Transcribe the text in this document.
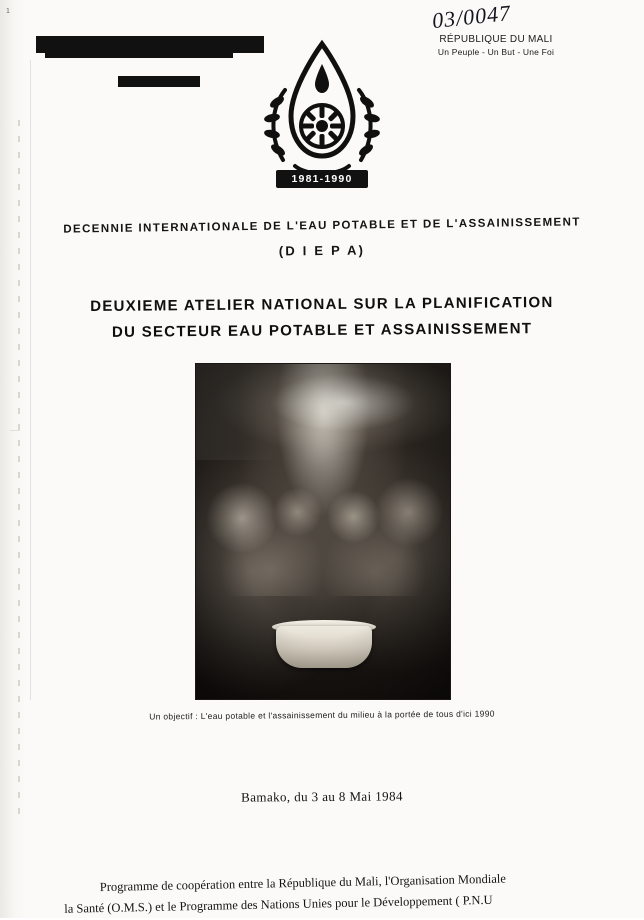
1	03/0047
RÉPUBLIQUE DU MALI
Un Peuple - Un But - Une Foi
1981-1990
DECENNIE INTERNATIONALE DE L'EAU POTABLE ET DE L'ASSAINISSEMENT
(D I E P A)
DEUXIEME ATELIER NATIONAL SUR LA PLANIFICATION
DU SECTEUR EAU POTABLE ET ASSAINISSEMENT
Un objectif : L'eau potable et l'assainissement du milieu à la portée de tous d'ici 1990
Bamako, du 3 au 8 Mai 1984
Programme de coopération entre la République du Mali, l'Organisation Mondiale
la Santé (O.M.S.) et le Programme des Nations Unies pour le Développement ( P.N.U
